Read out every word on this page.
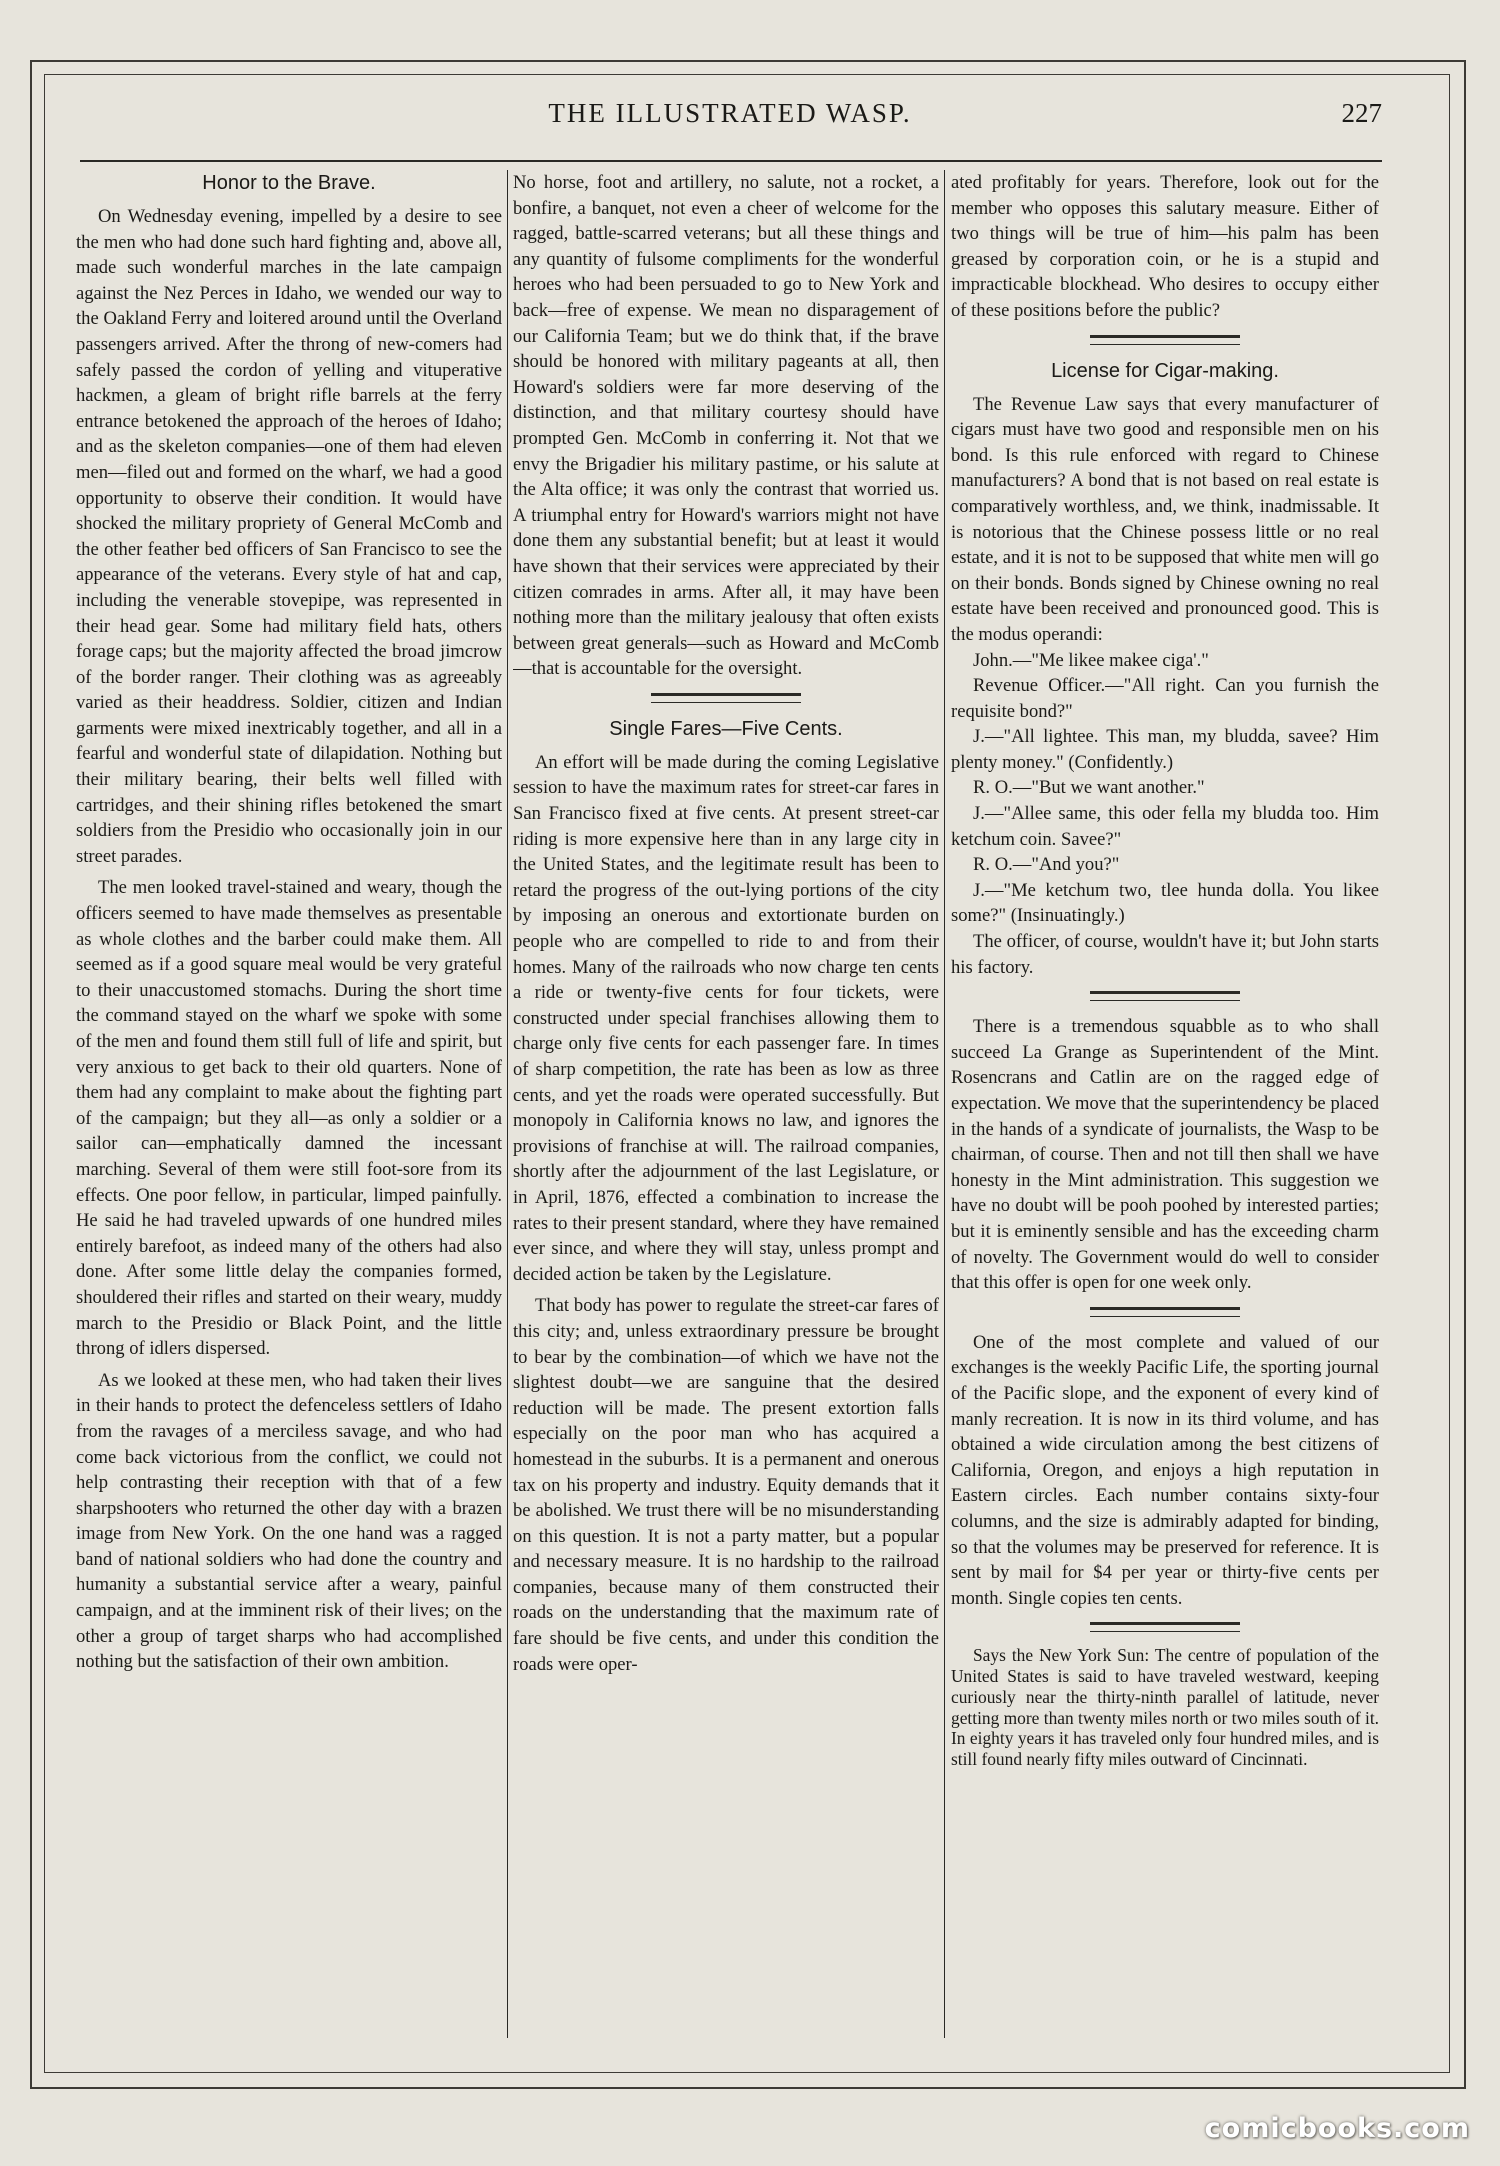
THE ILLUSTRATED WASP.	227

Honor to the Brave.

On Wednesday evening, impelled by a desire to see the men who had done such hard fighting and, above all, made such wonderful marches in the late campaign against the Nez Perces in Idaho, we wended our way to the Oakland Ferry and loitered around until the Overland passengers arrived. After the throng of new-comers had safely passed the cordon of yelling and vituperative hackmen, a gleam of bright rifle barrels at the ferry entrance betokened the approach of the heroes of Idaho; and as the skeleton companies—one of them had eleven men—filed out and formed on the wharf, we had a good opportunity to observe their condition. It would have shocked the military propriety of General McComb and the other feather bed officers of San Francisco to see the appearance of the veterans. Every style of hat and cap, including the venerable stovepipe, was represented in their head gear. Some had military field hats, others forage caps; but the majority affected the broad jimcrow of the border ranger. Their clothing was as agreeably varied as their headdress. Soldier, citizen and Indian garments were mixed inextricably together, and all in a fearful and wonderful state of dilapidation. Nothing but their military bearing, their belts well filled with cartridges, and their shining rifles betokened the smart soldiers from the Presidio who occasionally join in our street parades.

The men looked travel-stained and weary, though the officers seemed to have made themselves as presentable as whole clothes and the barber could make them. All seemed as if a good square meal would be very grateful to their unaccustomed stomachs. During the short time the command stayed on the wharf we spoke with some of the men and found them still full of life and spirit, but very anxious to get back to their old quarters. None of them had any complaint to make about the fighting part of the campaign; but they all—as only a soldier or a sailor can—emphatically damned the incessant marching. Several of them were still foot-sore from its effects. One poor fellow, in particular, limped painfully. He said he had traveled upwards of one hundred miles entirely barefoot, as indeed many of the others had also done. After some little delay the companies formed, shouldered their rifles and started on their weary, muddy march to the Presidio or Black Point, and the little throng of idlers dispersed.

As we looked at these men, who had taken their lives in their hands to protect the defenceless settlers of Idaho from the ravages of a merciless savage, and who had come back victorious from the conflict, we could not help contrasting their reception with that of a few sharpshooters who returned the other day with a brazen image from New York. On the one hand was a ragged band of national soldiers who had done the country and humanity a substantial service after a weary, painful campaign, and at the imminent risk of their lives; on the other a group of target sharps who had accomplished nothing but the satisfaction of their own ambition.

No horse, foot and artillery, no salute, not a rocket, a bonfire, a banquet, not even a cheer of welcome for the ragged, battle-scarred veterans; but all these things and any quantity of fulsome compliments for the wonderful heroes who had been persuaded to go to New York and back—free of expense. We mean no disparagement of our California Team; but we do think that, if the brave should be honored with military pageants at all, then Howard's soldiers were far more deserving of the distinction, and that military courtesy should have prompted Gen. McComb in conferring it. Not that we envy the Brigadier his military pastime, or his salute at the Alta office; it was only the contrast that worried us. A triumphal entry for Howard's warriors might not have done them any substantial benefit; but at least it would have shown that their services were appreciated by their citizen comrades in arms. After all, it may have been nothing more than the military jealousy that often exists between great generals—such as Howard and McComb—that is accountable for the oversight.

Single Fares—Five Cents.

An effort will be made during the coming Legislative session to have the maximum rates for street-car fares in San Francisco fixed at five cents. At present street-car riding is more expensive here than in any large city in the United States, and the legitimate result has been to retard the progress of the out-lying portions of the city by imposing an onerous and extortionate burden on people who are compelled to ride to and from their homes. Many of the railroads who now charge ten cents a ride or twenty-five cents for four tickets, were constructed under special franchises allowing them to charge only five cents for each passenger fare. In times of sharp competition, the rate has been as low as three cents, and yet the roads were operated successfully. But monopoly in California knows no law, and ignores the provisions of franchise at will. The railroad companies, shortly after the adjournment of the last Legislature, or in April, 1876, effected a combination to increase the rates to their present standard, where they have remained ever since, and where they will stay, unless prompt and decided action be taken by the Legislature.

That body has power to regulate the street-car fares of this city; and, unless extraordinary pressure be brought to bear by the combination—of which we have not the slightest doubt—we are sanguine that the desired reduction will be made. The present extortion falls especially on the poor man who has acquired a homestead in the suburbs. It is a permanent and onerous tax on his property and industry. Equity demands that it be abolished. We trust there will be no misunderstanding on this question. It is not a party matter, but a popular and necessary measure. It is no hardship to the railroad companies, because many of them constructed their roads on the understanding that the maximum rate of fare should be five cents, and under this condition the roads were oper-

ated profitably for years. Therefore, look out for the member who opposes this salutary measure. Either of two things will be true of him—his palm has been greased by corporation coin, or he is a stupid and impracticable blockhead. Who desires to occupy either of these positions before the public?

License for Cigar-making.

The Revenue Law says that every manufacturer of cigars must have two good and responsible men on his bond. Is this rule enforced with regard to Chinese manufacturers? A bond that is not based on real estate is comparatively worthless, and, we think, inadmissable. It is notorious that the Chinese possess little or no real estate, and it is not to be supposed that white men will go on their bonds. Bonds signed by Chinese owning no real estate have been received and pronounced good. This is the modus operandi:

John.—"Me likee makee ciga'."

Revenue Officer.—"All right. Can you furnish the requisite bond?"

J.—"All lightee. This man, my bludda, savee? Him plenty money." (Confidently.)

R. O.—"But we want another."

J.—"Allee same, this oder fella my bludda too. Him ketchum coin. Savee?"

R. O.—"And you?"

J.—"Me ketchum two, tlee hunda dolla. You likee some?" (Insinuatingly.)

The officer, of course, wouldn't have it; but John starts his factory.

There is a tremendous squabble as to who shall succeed La Grange as Superintendent of the Mint. Rosencrans and Catlin are on the ragged edge of expectation. We move that the superintendency be placed in the hands of a syndicate of journalists, the Wasp to be chairman, of course. Then and not till then shall we have honesty in the Mint administration. This suggestion we have no doubt will be pooh poohed by interested parties; but it is eminently sensible and has the exceeding charm of novelty. The Government would do well to consider that this offer is open for one week only.

One of the most complete and valued of our exchanges is the weekly Pacific Life, the sporting journal of the Pacific slope, and the exponent of every kind of manly recreation. It is now in its third volume, and has obtained a wide circulation among the best citizens of California, Oregon, and enjoys a high reputation in Eastern circles. Each number contains sixty-four columns, and the size is admirably adapted for binding, so that the volumes may be preserved for reference. It is sent by mail for $4 per year or thirty-five cents per month. Single copies ten cents.

Says the New York Sun: The centre of population of the United States is said to have traveled westward, keeping curiously near the thirty-ninth parallel of latitude, never getting more than twenty miles north or two miles south of it. In eighty years it has traveled only four hundred miles, and is still found nearly fifty miles outward of Cincinnati.

comicbooks.com
